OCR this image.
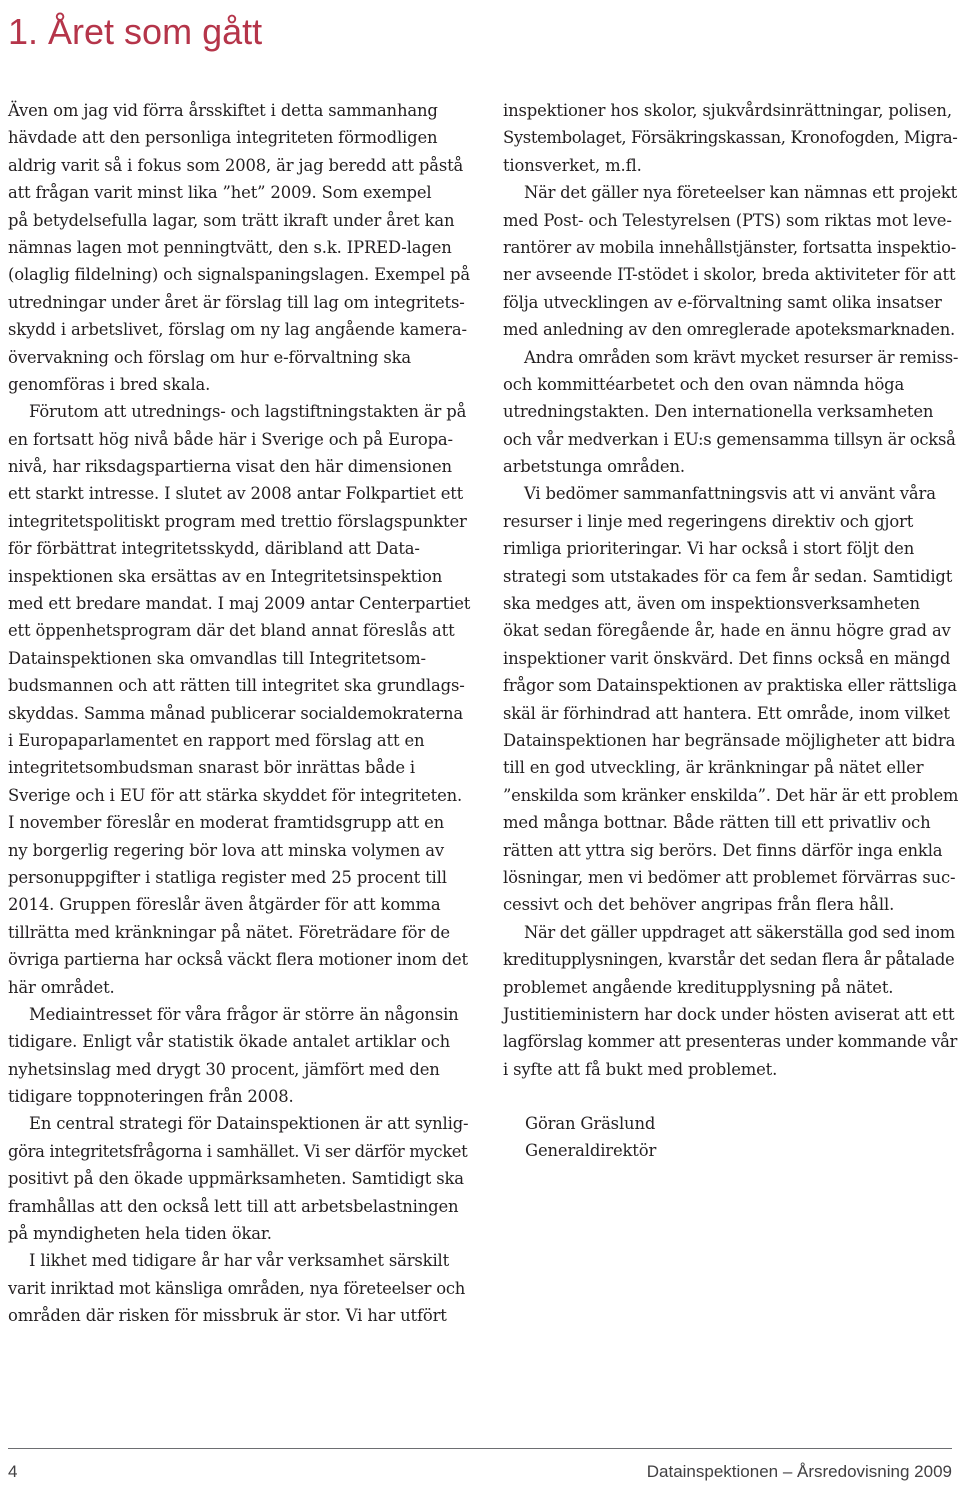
1. Året som gått
Även om jag vid förra årsskiftet i detta sammanhang
hävdade att den personliga integriteten förmodligen
aldrig varit så i fokus som 2008, är jag beredd att påstå
att frågan varit minst lika ”het” 2009. Som exempel
på betydelsefulla lagar, som trätt ikraft under året kan
nämnas lagen mot penningtvätt, den s.k. IPRED-lagen
(olaglig fildelning) och signalspaningslagen. Exempel på
utredningar under året är förslag till lag om integritets-
skydd i arbetslivet, förslag om ny lag angående kamera-
övervakning och förslag om hur e-förvaltning ska
genomföras i bred skala.
Förutom att utrednings- och lagstiftningstakten är på
en fortsatt hög nivå både här i Sverige och på Europa-
nivå, har riksdagspartierna visat den här dimensionen
ett starkt intresse. I slutet av 2008 antar Folkpartiet ett
integritetspolitiskt program med trettio förslagspunkter
för förbättrat integritetsskydd, däribland att Data-
inspektionen ska ersättas av en Integritetsinspektion
med ett bredare mandat. I maj 2009 antar Centerpartiet
ett öppenhetsprogram där det bland annat föreslås att
Datainspektionen ska omvandlas till Integritetsom-
budsmannen och att rätten till integritet ska grundlags-
skyddas. Samma månad publicerar socialdemokraterna
i Europaparlamentet en rapport med förslag att en
integritetsombudsman snarast bör inrättas både i
Sverige och i EU för att stärka skyddet för integriteten.
I november föreslår en moderat framtidsgrupp att en
ny borgerlig regering bör lova att minska volymen av
personuppgifter i statliga register med 25 procent till
2014. Gruppen föreslår även åtgärder för att komma
tillrätta med kränkningar på nätet. Företrädare för de
övriga partierna har också väckt flera motioner inom det
här området.
Mediaintresset för våra frågor är större än någonsin
tidigare. Enligt vår statistik ökade antalet artiklar och
nyhetsinslag med drygt 30 procent, jämfört med den
tidigare toppnoteringen från 2008.
En central strategi för Datainspektionen är att synlig-
göra integritetsfrågorna i samhället. Vi ser därför mycket
positivt på den ökade uppmärksamheten. Samtidigt ska
framhållas att den också lett till att arbetsbelastningen
på myndigheten hela tiden ökar.
I likhet med tidigare år har vår verksamhet särskilt
varit inriktad mot känsliga områden, nya företeelser och
områden där risken för missbruk är stor. Vi har utfört
inspektioner hos skolor, sjukvårdsinrättningar, polisen,
Systembolaget, Försäkringskassan, Kronofogden, Migra-
tionsverket, m.fl.
När det gäller nya företeelser kan nämnas ett projekt
med Post- och Telestyrelsen (PTS) som riktas mot leve-
rantörer av mobila innehållstjänster, fortsatta inspektio-
ner avseende IT-stödet i skolor, breda aktiviteter för att
följa utvecklingen av e-förvaltning samt olika insatser
med anledning av den omreglerade apoteksmarknaden.
Andra områden som krävt mycket resurser är remiss-
och kommittéarbetet och den ovan nämnda höga
utredningstakten. Den internationella verksamheten
och vår medverkan i EU:s gemensamma tillsyn är också
arbetstunga områden.
Vi bedömer sammanfattningsvis att vi använt våra
resurser i linje med regeringens direktiv och gjort
rimliga prioriteringar. Vi har också i stort följt den
strategi som utstakades för ca fem år sedan. Samtidigt
ska medges att, även om inspektionsverksamheten
ökat sedan föregående år, hade en ännu högre grad av
inspektioner varit önskvärd. Det finns också en mängd
frågor som Datainspektionen av praktiska eller rättsliga
skäl är förhindrad att hantera. Ett område, inom vilket
Datainspektionen har begränsade möjligheter att bidra
till en god utveckling, är kränkningar på nätet eller
”enskilda som kränker enskilda”. Det här är ett problem
med många bottnar. Både rätten till ett privatliv och
rätten att yttra sig berörs. Det finns därför inga enkla
lösningar, men vi bedömer att problemet förvärras suc-
cessivt och det behöver angripas från flera håll.
När det gäller uppdraget att säkerställa god sed inom
kreditupplysningen, kvarstår det sedan flera år påtalade
problemet angående kreditupplysning på nätet.
Justitieministern har dock under hösten aviserat att ett
lagförslag kommer att presenteras under kommande vår
i syfte att få bukt med problemet.
Göran Gräslund
Generaldirektör
4	Datainspektionen – Årsredovisning 2009
